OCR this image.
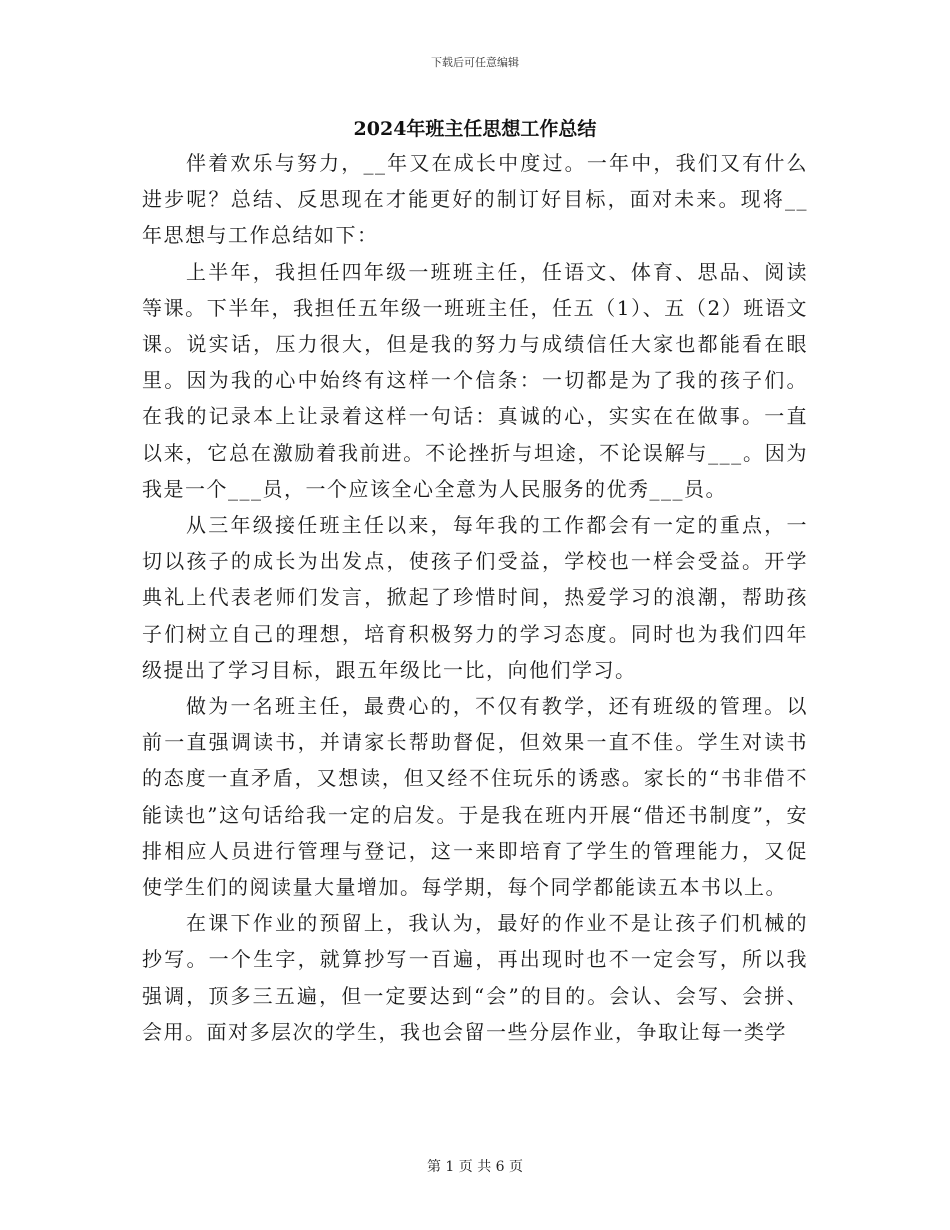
下载后可任意编辑
2024年班主任思想工作总结

伴着欢乐与努力，__年又在成长中度过。一年中，我们又有什么进步呢？总结、反思现在才能更好的制订好目标，面对未来。现将__年思想与工作总结如下：

上半年，我担任四年级一班班主任，任语文、体育、思品、阅读等课。下半年，我担任五年级一班班主任，任五（1）、五（2）班语文课。说实话，压力很大，但是我的努力与成绩信任大家也都能看在眼里。因为我的心中始终有这样一个信条：一切都是为了我的孩子们。在我的记录本上让录着这样一句话：真诚的心，实实在在做事。一直以来，它总在激励着我前进。不论挫折与坦途，不论误解与___。因为我是一个___员，一个应该全心全意为人民服务的优秀___员。

从三年级接任班主任以来，每年我的工作都会有一定的重点，一切以孩子的成长为出发点，使孩子们受益，学校也一样会受益。开学典礼上代表老师们发言，掀起了珍惜时间，热爱学习的浪潮，帮助孩子们树立自己的理想，培育积极努力的学习态度。同时也为我们四年级提出了学习目标，跟五年级比一比，向他们学习。

做为一名班主任，最费心的，不仅有教学，还有班级的管理。以前一直强调读书，并请家长帮助督促，但效果一直不佳。学生对读书的态度一直矛盾，又想读，但又经不住玩乐的诱惑。家长的“书非借不能读也”这句话给我一定的启发。于是我在班内开展“借还书制度”，安排相应人员进行管理与登记，这一来即培育了学生的管理能力，又促使学生们的阅读量大量增加。每学期，每个同学都能读五本书以上。

在课下作业的预留上，我认为，最好的作业不是让孩子们机械的抄写。一个生字，就算抄写一百遍，再出现时也不一定会写，所以我强调，顶多三五遍，但一定要达到“会”的目的。会认、会写、会拼、会用。面对多层次的学生，我也会留一些分层作业，争取让每一类学

第 1 页 共 6 页
